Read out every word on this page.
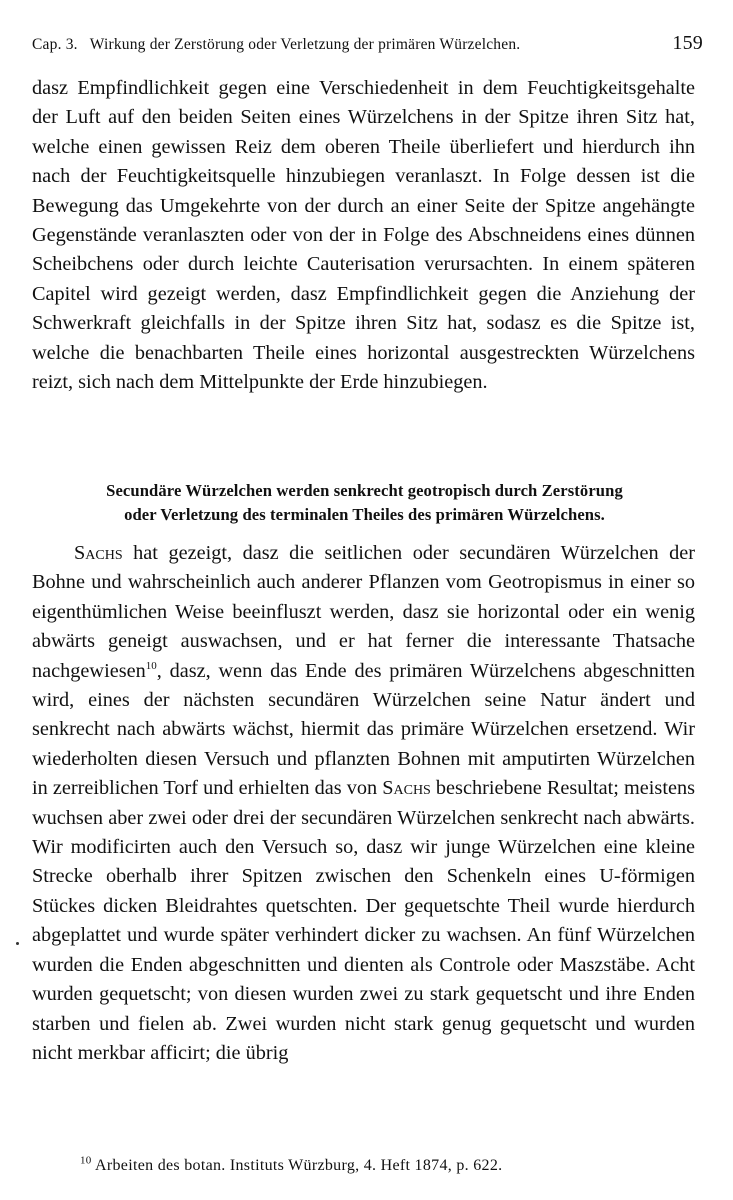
Cap. 3. Wirkung der Zerstörung oder Verletzung der primären Würzelchen.	159
dasz Empfindlichkeit gegen eine Verschiedenheit in dem Feuchtigkeitsgehalte der Luft auf den beiden Seiten eines Würzelchens in der Spitze ihren Sitz hat, welche einen gewissen Reiz dem oberen Theile überliefert und hierdurch ihn nach der Feuchtigkeitsquelle hinzubiegen veranlaszt. In Folge dessen ist die Bewegung das Umgekehrte von der durch an einer Seite der Spitze angehängte Gegenstände veranlaszten oder von der in Folge des Abschneidens eines dünnen Scheibchens oder durch leichte Cauterisation verursachten. In einem späteren Capitel wird gezeigt werden, dasz Empfindlichkeit gegen die Anziehung der Schwerkraft gleichfalls in der Spitze ihren Sitz hat, sodasz es die Spitze ist, welche die benachbarten Theile eines horizontal ausgestreckten Würzelchens reizt, sich nach dem Mittelpunkte der Erde hinzubiegen.
Secundäre Würzelchen werden senkrecht geotropisch durch Zerstörung
oder Verletzung des terminalen Theiles des primären Würzelchens.
Sachs hat gezeigt, dasz die seitlichen oder secundären Würzelchen der Bohne und wahrscheinlich auch anderer Pflanzen vom Geotropismus in einer so eigenthümlichen Weise beeinfluszt werden, dasz sie horizontal oder ein wenig abwärts geneigt auswachsen, und er hat ferner die interessante Thatsache nachgewiesen$^{10}$, dasz, wenn das Ende des primären Würzelchens abgeschnitten wird, eines der nächsten secundären Würzelchen seine Natur ändert und senkrecht nach abwärts wächst, hiermit das primäre Würzelchen ersetzend. Wir wiederholten diesen Versuch und pflanzten Bohnen mit amputirten Würzelchen in zerreiblichen Torf und erhielten das von Sachs beschriebene Resultat; meistens wuchsen aber zwei oder drei der secundären Würzelchen senkrecht nach abwärts. Wir modificirten auch den Versuch so, dasz wir junge Würzelchen eine kleine Strecke oberhalb ihrer Spitzen zwischen den Schenkeln eines U-förmigen Stückes dicken Bleidrahtes quetschten. Der gequetschte Theil wurde hierdurch abgeplattet und wurde später verhindert dicker zu wachsen. An fünf Würzelchen wurden die Enden abgeschnitten und dienten als Controle oder Maszstäbe. Acht wurden gequetscht; von diesen wurden zwei zu stark gequetscht und ihre Enden starben und fielen ab. Zwei wurden nicht stark genug gequetscht und wurden nicht merkbar afficirt; die übrig
$^{10}$ Arbeiten des botan. Instituts Würzburg, 4. Heft 1874, p. 622.
